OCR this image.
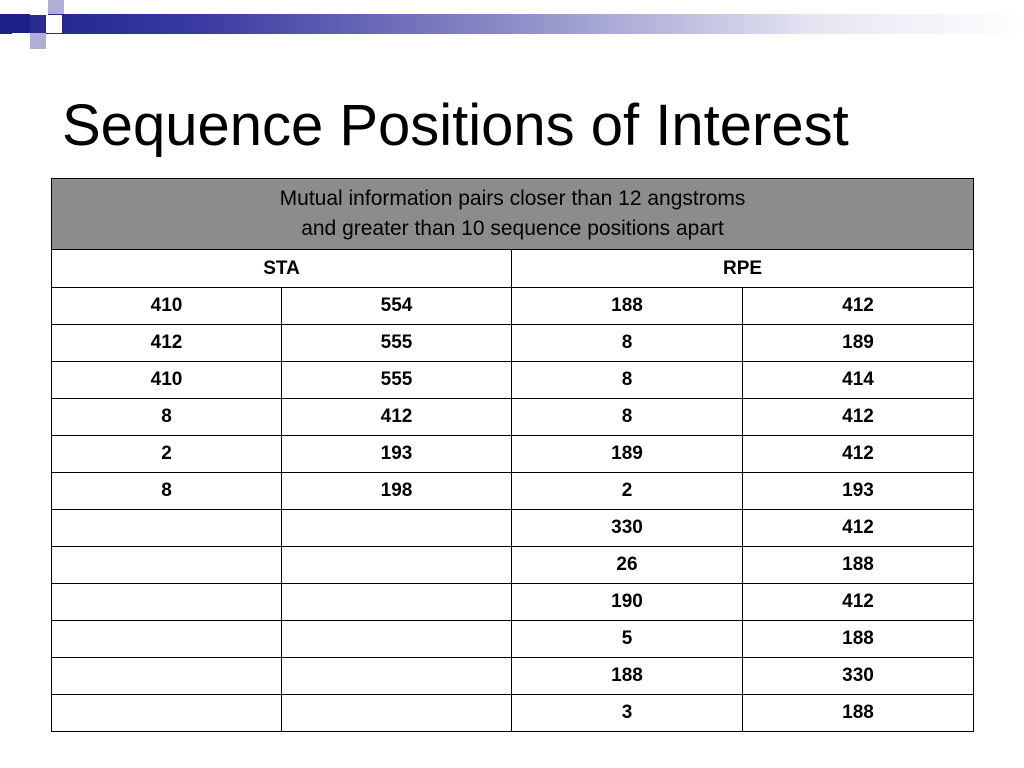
Sequence Positions of Interest
Mutual information pairs closer than 12 angstroms
and greater than 10 sequence positions apart			

STA		RPE	
410	554	188	412
412	555	8	189
410	555	8	414
8	412	8	412
2	193	189	412
8	198	2	193
		330	412
		26	188
		190	412
		5	188
		188	330
		3	188
